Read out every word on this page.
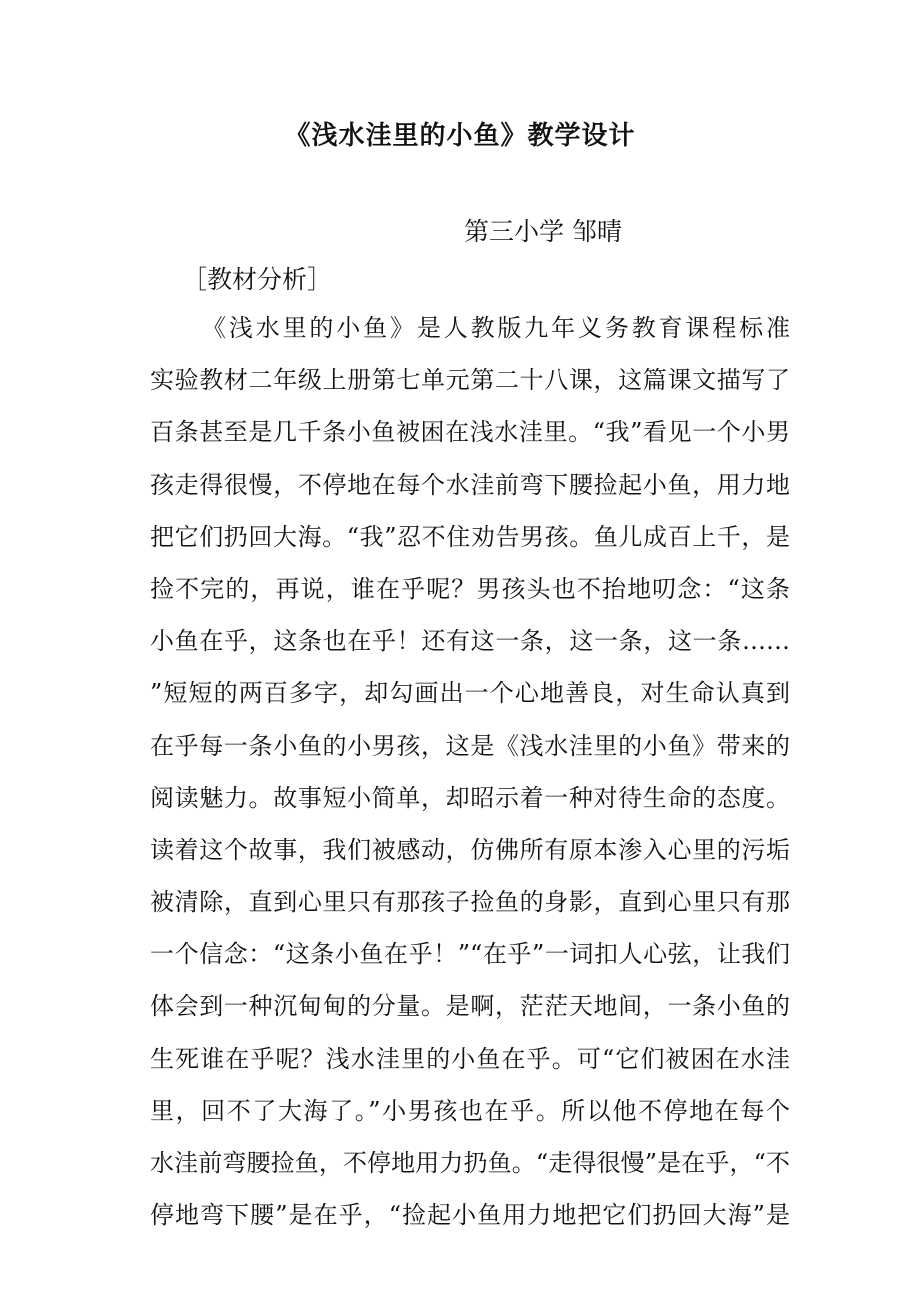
《浅水洼里的小鱼》教学设计
第三小学 邹晴
［教材分析］
《浅水里的小鱼》是人教版九年义务教育课程标准
实验教材二年级上册第七单元第二十八课，这篇课文描写了
百条甚至是几千条小鱼被困在浅水洼里。“我”看见一个小男
孩走得很慢，不停地在每个水洼前弯下腰捡起小鱼，用力地
把它们扔回大海。“我”忍不住劝告男孩。鱼儿成百上千，是
捡不完的，再说，谁在乎呢？男孩头也不抬地叨念：“这条
小鱼在乎，这条也在乎！还有这一条，这一条，这一条……
”短短的两百多字，却勾画出一个心地善良，对生命认真到
在乎每一条小鱼的小男孩，这是《浅水洼里的小鱼》带来的
阅读魅力。故事短小简单，却昭示着一种对待生命的态度。
读着这个故事，我们被感动，仿佛所有原本渗入心里的污垢
被清除，直到心里只有那孩子捡鱼的身影，直到心里只有那
一个信念：“这条小鱼在乎！”“在乎”一词扣人心弦，让我们
体会到一种沉甸甸的分量。是啊，茫茫天地间，一条小鱼的
生死谁在乎呢？浅水洼里的小鱼在乎。可“它们被困在水洼
里，回不了大海了。”小男孩也在乎。所以他不停地在每个
水洼前弯腰捡鱼，不停地用力扔鱼。“走得很慢”是在乎，“不
停地弯下腰”是在乎，“捡起小鱼用力地把它们扔回大海”是
